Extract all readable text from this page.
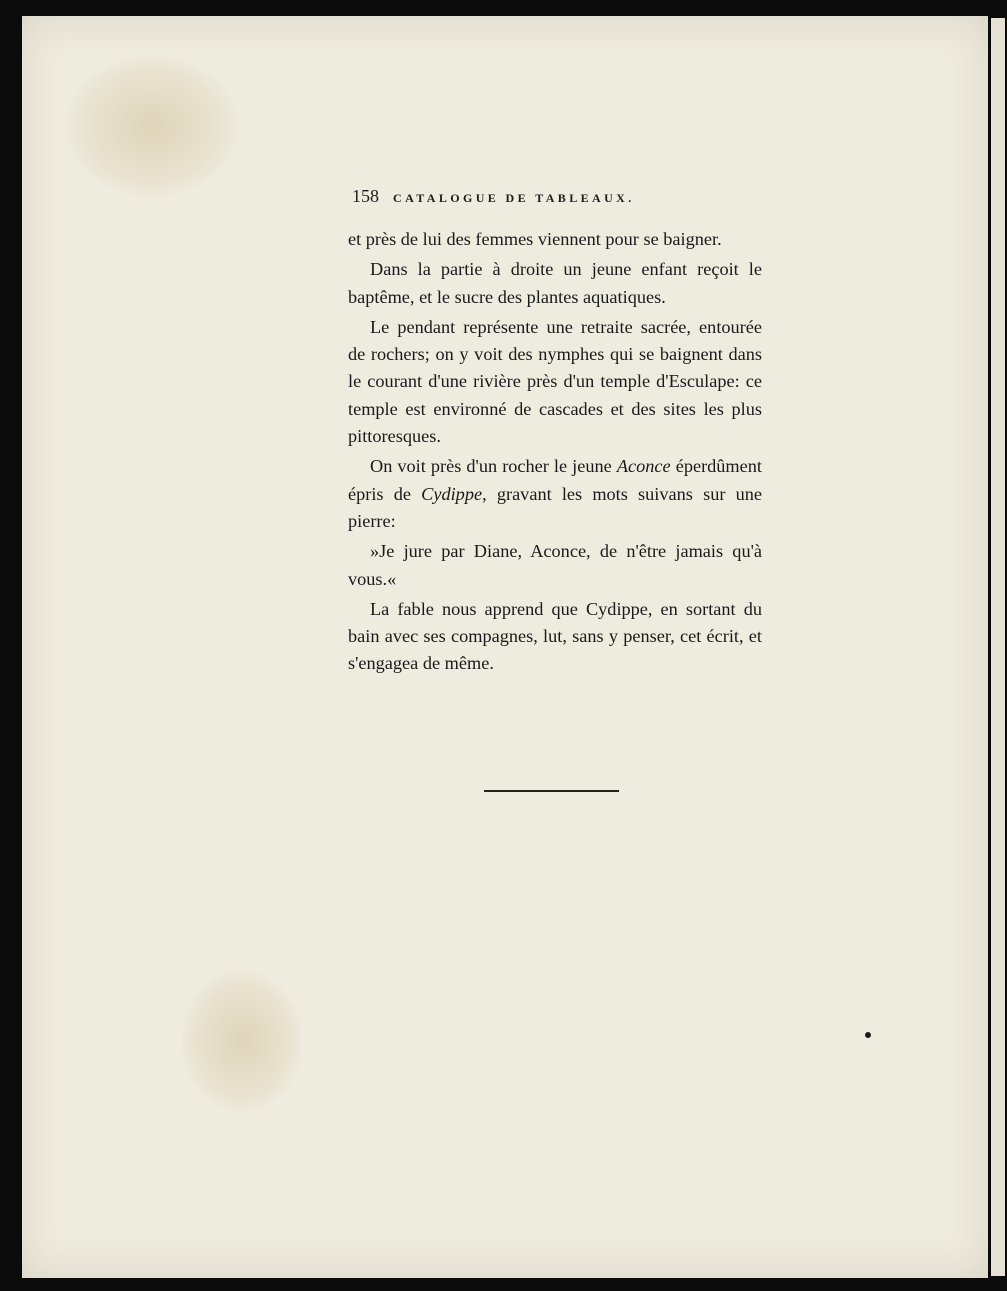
158 CATALOGUE DE TABLEAUX.

et près de lui des femmes viennent pour se baigner.

Dans la partie à droite un jeune enfant reçoit le baptême, et le sucre des plantes aquatiques.

Le pendant représente une retraite sacrée, entourée de rochers; on y voit des nymphes qui se baignent dans le courant d'une rivière près d'un temple d'Esculape: ce temple est environné de cascades et des sites les plus pittoresques.

On voit près d'un rocher le jeune Aconce éperdûment épris de Cydippe, gravant les mots suivans sur une pierre:

»Je jure par Diane, Aconce, de n'être jamais qu'à vous.«

La fable nous apprend que Cydippe, en sortant du bain avec ses compagnes, lut, sans y penser, cet écrit, et s'engagea de même.
